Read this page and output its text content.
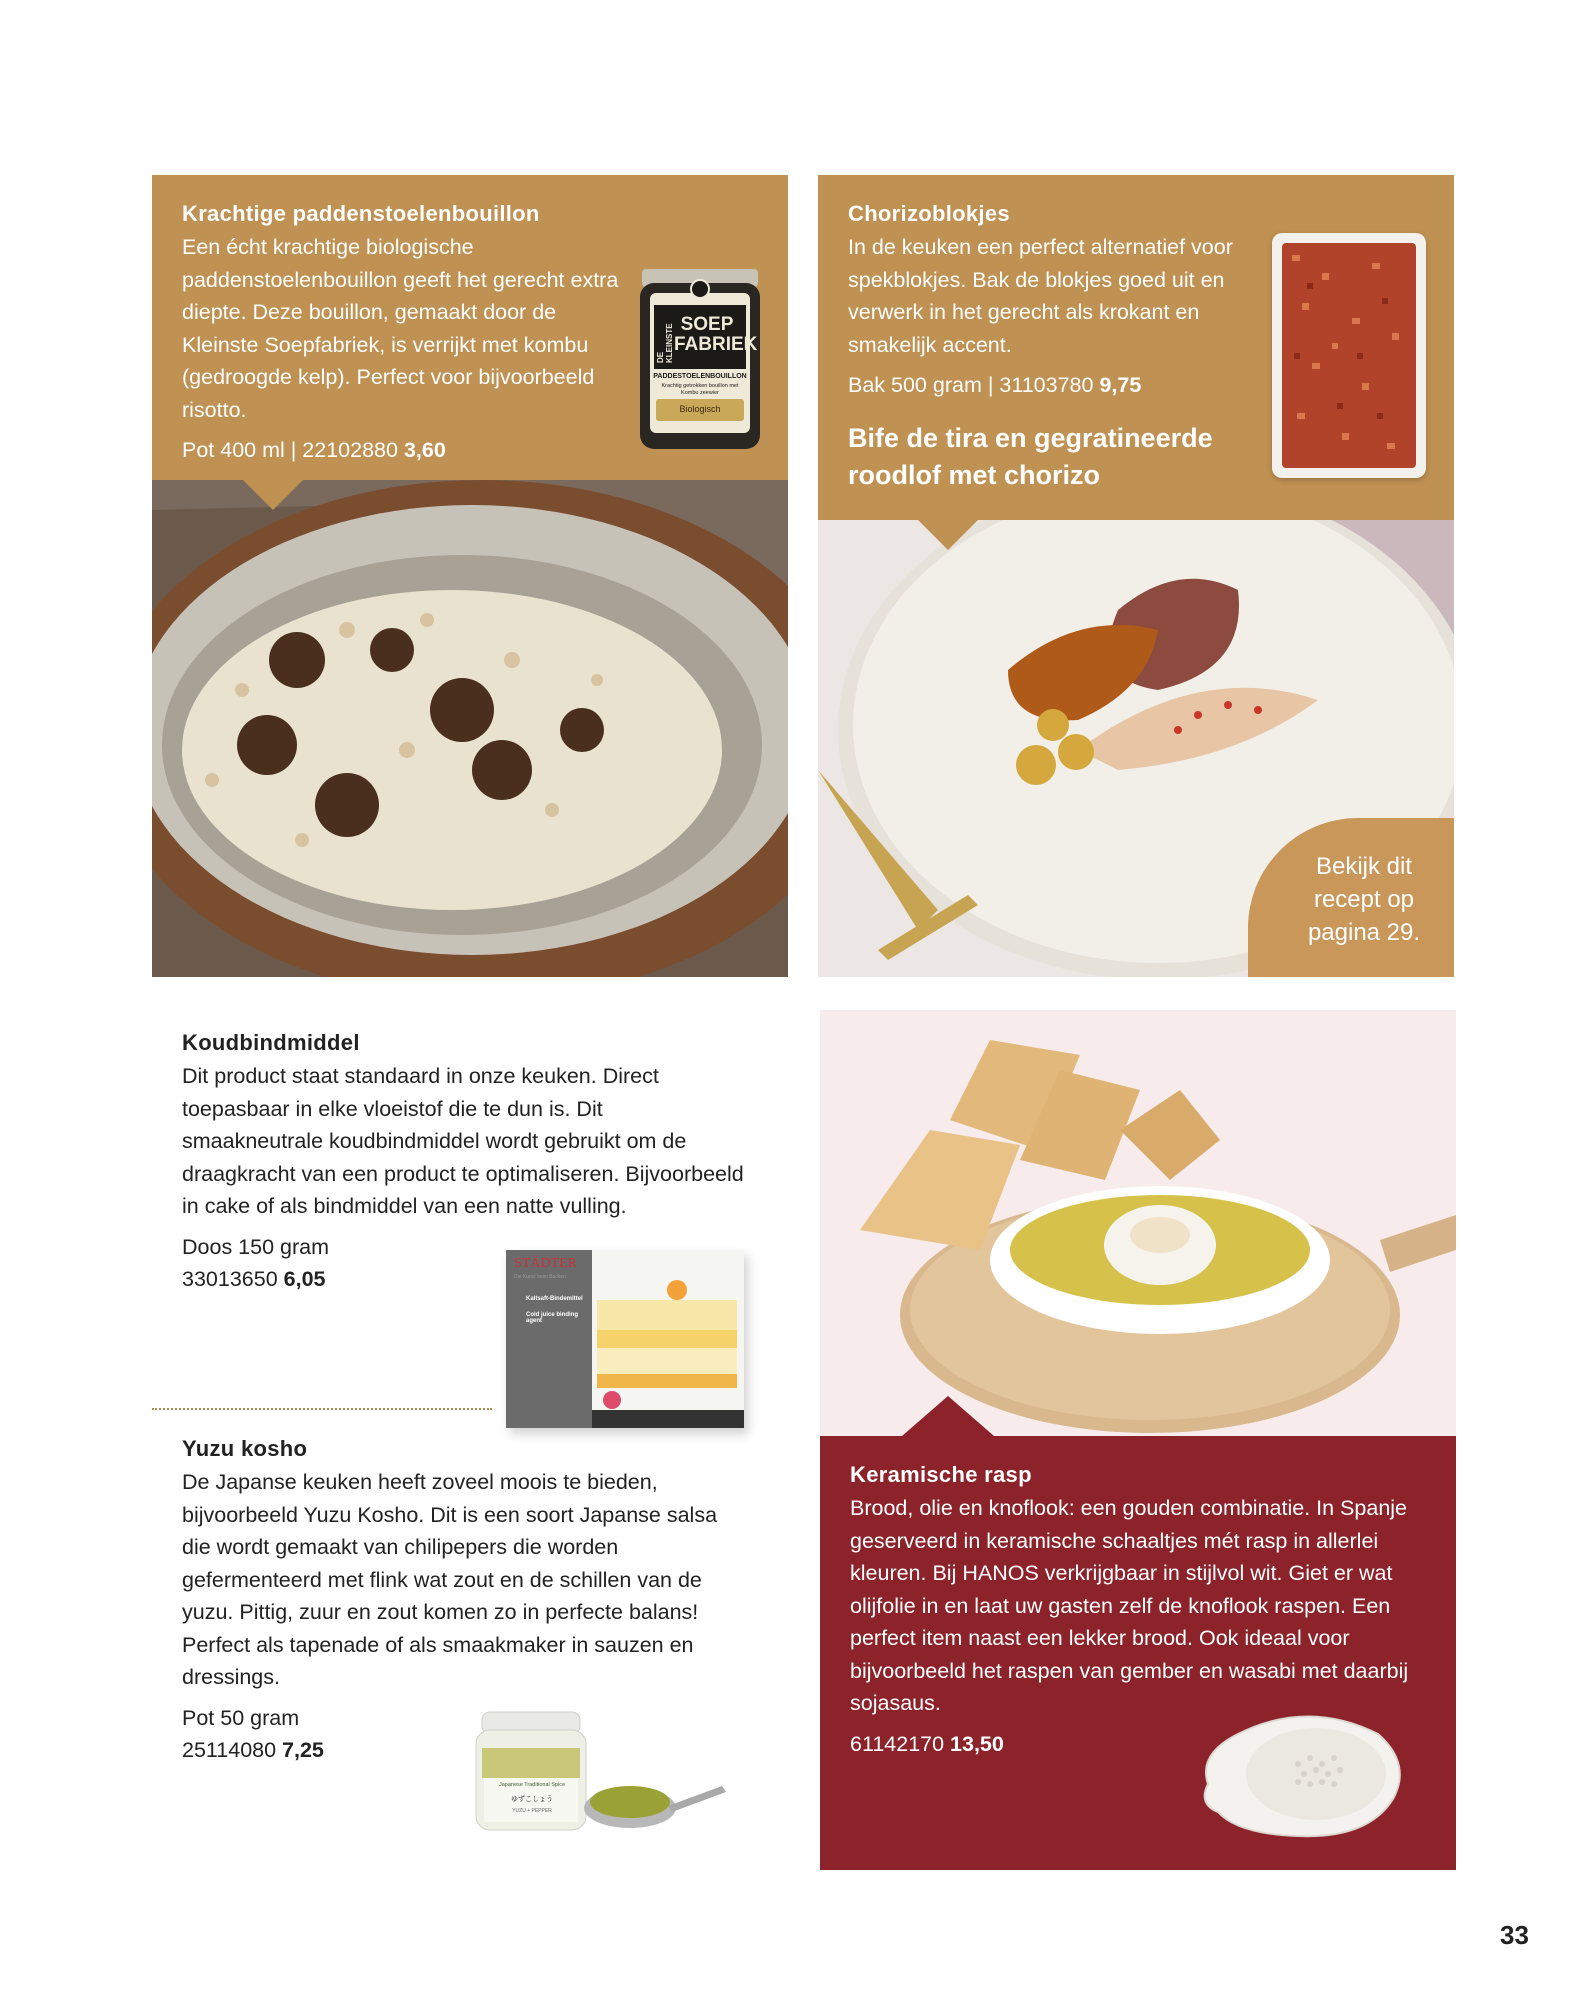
Krachtige paddenstoelenbouillon

Een écht krachtige biologische paddenstoelenbouillon geeft het gerecht extra diepte. Deze bouillon, gemaakt door de Kleinste Soepfabriek, is verrijkt met kombu (gedroogde kelp). Perfect voor bijvoorbeeld risotto.

Pot 400 ml | 22102880 3,60
DE KLEINSTE SOEP FABRIEK
PADDESTOELENBOUILLON
Krachtig getrokken bouillon met Kombu zeewier
Biologisch
Chorizoblokjes

In de keuken een perfect alternatief voor spekblokjes. Bak de blokjes goed uit en verwerk in het gerecht als krokant en smakelijk accent.

Bak 500 gram | 31103780 9,75
Bife de tira en gegratineerde roodlof met chorizo
Bekijk dit recept op pagina 29.
Koudbindmiddel

Dit product staat standaard in onze keuken. Direct toepasbaar in elke vloeistof die te dun is. Dit smaakneutrale koudbindmiddel wordt gebruikt om de draagkracht van een product te optimaliseren. Bijvoorbeeld in cake of als bindmiddel van een natte vulling.

Doos 150 gram
33013650 6,05
STÄDTER
Die Kunst beim Backen
Kaltsaft-Bindemittel
Cold juice binding agent
Yuzu kosho

De Japanse keuken heeft zoveel moois te bieden, bijvoorbeeld Yuzu Kosho. Dit is een soort Japanse salsa die wordt gemaakt van chilipepers die worden gefermenteerd met flink wat zout en de schillen van de yuzu. Pittig, zuur en zout komen zo in perfecte balans! Perfect als tapenade of als smaakmaker in sauzen en dressings.

Pot 50 gram
25114080 7,25
Japanese Traditional Spice
ゆずこしょう
YUZU + PEPPER
Keramische rasp

Brood, olie en knoflook: een gouden combinatie. In Spanje geserveerd in keramische schaaltjes mét rasp in allerlei kleuren. Bij HANOS verkrijgbaar in stijlvol wit. Giet er wat olijfolie in en laat uw gasten zelf de knoflook raspen. Een perfect item naast een lekker brood. Ook ideaal voor bijvoorbeeld het raspen van gember en wasabi met daarbij sojasaus.

61142170 13,50
33
